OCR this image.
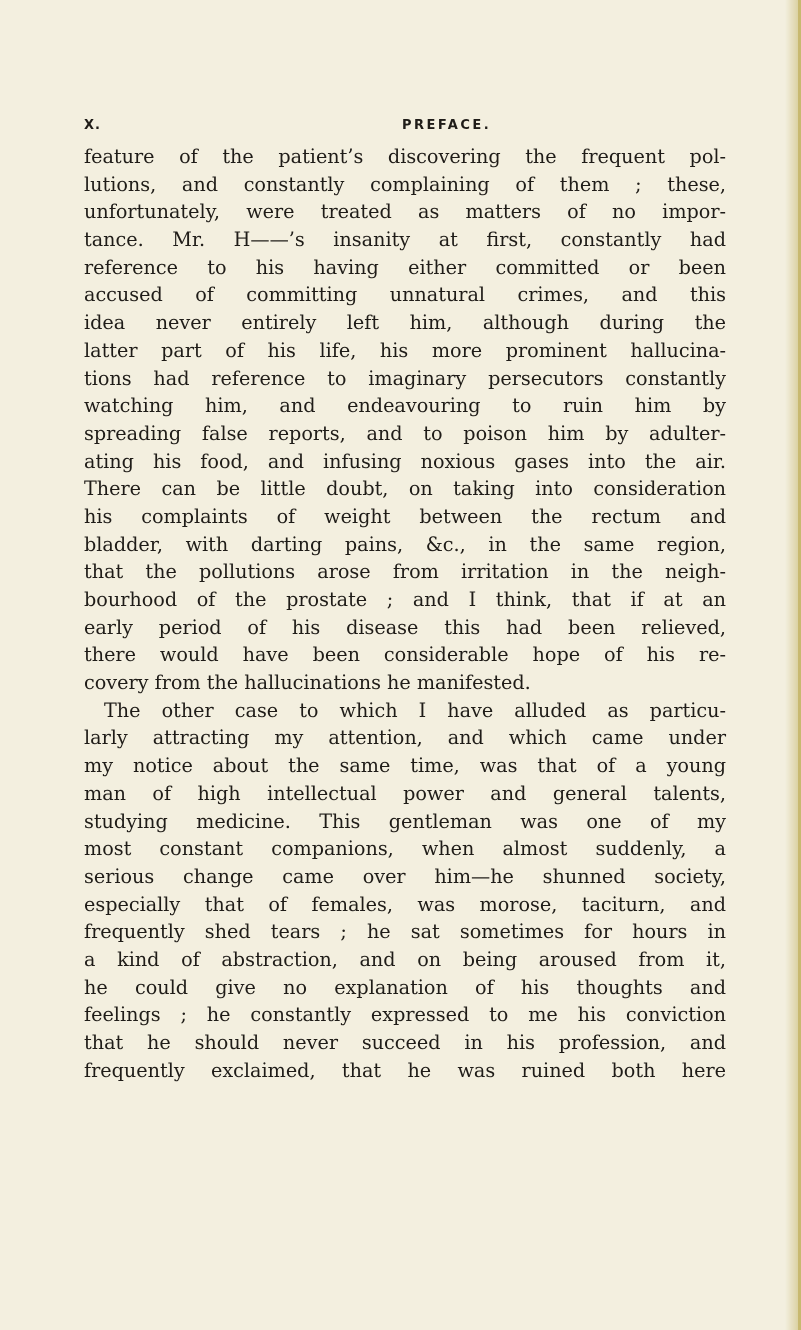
X.	PREFACE.
feature of the patient’s discovering the frequent pol-
lutions, and constantly complaining of them ; these,
unfortunately, were treated as matters of no impor-
tance. Mr. H——’s insanity at first, constantly had
reference to his having either committed or been
accused of committing unnatural crimes, and this
idea never entirely left him, although during the
latter part of his life, his more prominent hallucina-
tions had reference to imaginary persecutors constantly
watching him, and endeavouring to ruin him by
spreading false reports, and to poison him by adulter-
ating his food, and infusing noxious gases into the air.
There can be little doubt, on taking into consideration
his complaints of weight between the rectum and
bladder, with darting pains, &c., in the same region,
that the pollutions arose from irritation in the neigh-
bourhood of the prostate ; and I think, that if at an
early period of his disease this had been relieved,
there would have been considerable hope of his re-
covery from the hallucinations he manifested.
The other case to which I have alluded as particu-
larly attracting my attention, and which came under
my notice about the same time, was that of a young
man of high intellectual power and general talents,
studying medicine. This gentleman was one of my
most constant companions, when almost suddenly, a
serious change came over him—he shunned society,
especially that of females, was morose, taciturn, and
frequently shed tears ; he sat sometimes for hours in
a kind of abstraction, and on being aroused from it,
he could give no explanation of his thoughts and
feelings ; he constantly expressed to me his conviction
that he should never succeed in his profession, and
frequently exclaimed, that he was ruined both here
